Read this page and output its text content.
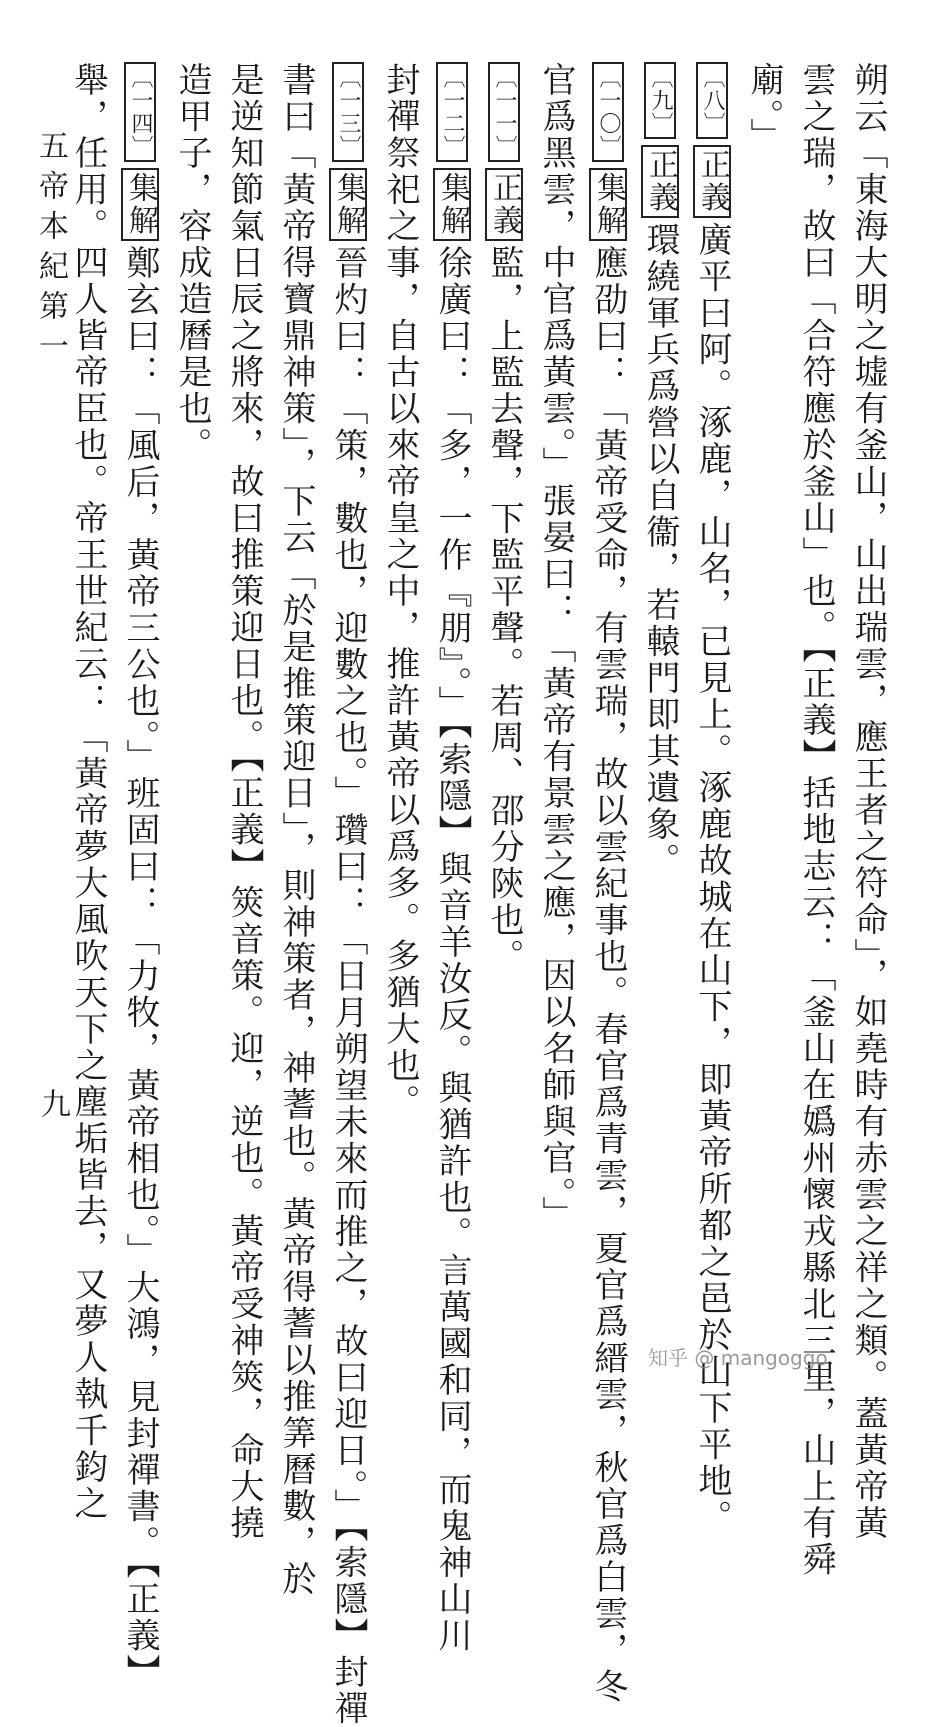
朔云「東海大明之墟有釜山，山出瑞雲，應王者之符命」，如堯時有赤雲之祥之類。蓋黃帝黃

雲之瑞，故曰「合符應於釜山」也。【正義】括地志云：「釜山在嬀州懷戎縣北三里，山上有舜

廟。」

〔八〕正義廣平曰阿。涿鹿，山名，已見上。涿鹿故城在山下，即黃帝所都之邑於山下平地。

〔九〕正義環繞軍兵爲營以自衞，若轅門即其遺象。

〔一〇〕集解應劭曰：「黃帝受命，有雲瑞，故以雲紀事也。春官爲青雲，夏官爲縉雲，秋官爲白雲，冬

官爲黑雲，中官爲黃雲。」張晏曰：「黃帝有景雲之應，因以名師與官。」

〔一一〕正義監，上監去聲，下監平聲。若周、邵分陝也。

〔一二〕集解徐廣曰：「多，一作『朋』。」【索隱】與音羊汝反。與猶許也。言萬國和同，而鬼神山川

封禪祭祀之事，自古以來帝皇之中，推許黃帝以爲多。多猶大也。

〔一三〕集解晉灼曰：「策，數也，迎數之也。」瓚曰：「日月朔望未來而推之，故曰迎日。」【索隱】封禪

書曰「黃帝得寶鼎神策」，下云「於是推策迎日」，則神策者，神蓍也。黃帝得蓍以推筭曆數，於

是逆知節氣日辰之將來，故曰推策迎日也。【正義】筴音策。迎，逆也。黃帝受神筴，命大撓

造甲子，容成造曆是也。

〔一四〕集解鄭玄曰：「風后，黃帝三公也。」班固曰：「力牧，黃帝相也。」大鴻，見封禪書。【正義】

舉，任用。四人皆帝臣也。帝王世紀云：「黃帝夢大風吹天下之塵垢皆去，又夢人執千鈞之

五帝本紀第一
九
知乎 @ mangoggo
